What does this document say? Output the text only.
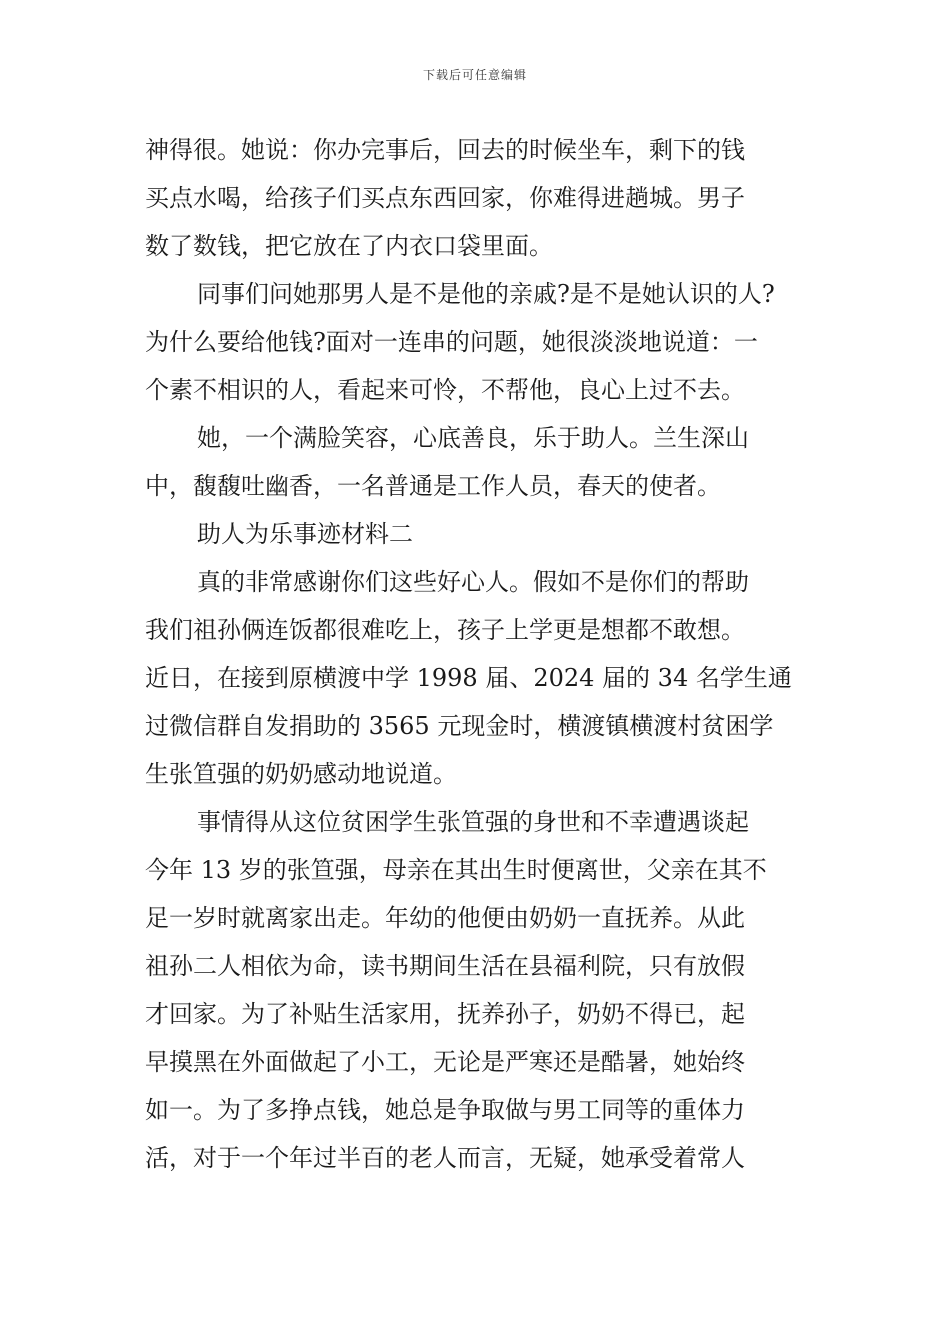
下载后可任意编辑
神得很。她说：你办完事后，回去的时候坐车，剩下的钱
买点水喝，给孩子们买点东西回家，你难得进趟城。男子
数了数钱，把它放在了内衣口袋里面。
同事们问她那男人是不是他的亲戚?是不是她认识的人?
为什么要给他钱?面对一连串的问题，她很淡淡地说道：一
个素不相识的人，看起来可怜，不帮他，良心上过不去。
她，一个满脸笑容，心底善良，乐于助人。兰生深山
中，馥馥吐幽香，一名普通是工作人员，春天的使者。
助人为乐事迹材料二
真的非常感谢你们这些好心人。假如不是你们的帮助
我们祖孙俩连饭都很难吃上，孩子上学更是想都不敢想。
近日，在接到原横渡中学 1998 届、2024 届的 34 名学生通
过微信群自发捐助的 3565 元现金时，横渡镇横渡村贫困学
生张笪强的奶奶感动地说道。
事情得从这位贫困学生张笪强的身世和不幸遭遇谈起
今年 13 岁的张笪强，母亲在其出生时便离世，父亲在其不
足一岁时就离家出走。年幼的他便由奶奶一直抚养。从此
祖孙二人相依为命，读书期间生活在县福利院，只有放假
才回家。为了补贴生活家用，抚养孙子，奶奶不得已，起
早摸黑在外面做起了小工，无论是严寒还是酷暑，她始终
如一。为了多挣点钱，她总是争取做与男工同等的重体力
活，对于一个年过半百的老人而言，无疑，她承受着常人
